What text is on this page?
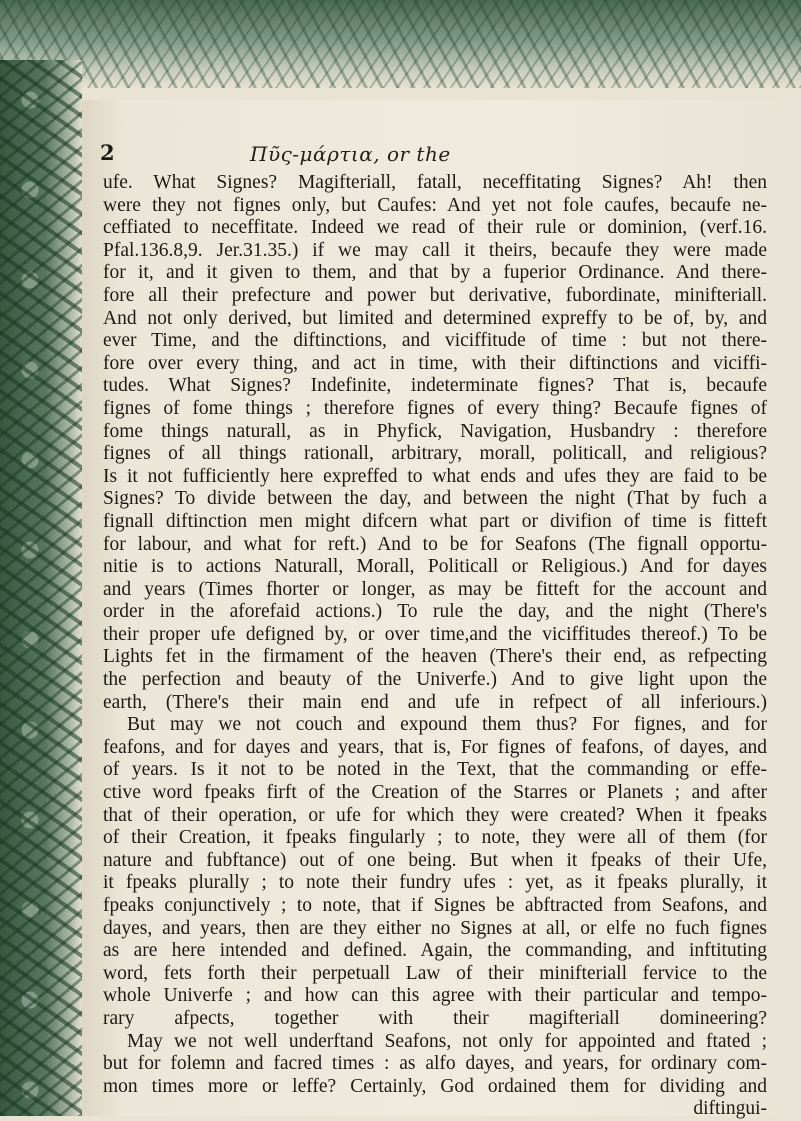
2	Πῦς-μάρτια, or the
ufe. What Signes? Magifteriall, fatall, neceffitating Signes? Ah! then
were they not fignes only, but Caufes: And yet not fole caufes, becaufe ne-
ceffiated to neceffitate. Indeed we read of their rule or dominion, (verf.16.
Pfal.136.8,9. Jer.31.35.) if we may call it theirs, becaufe they were made
for it, and it given to them, and that by a fuperior Ordinance. And there-
fore all their prefecture and power but derivative, fubordinate, minifteriall.
And not only derived, but limited and determined expreffy to be of, by, and
ever Time, and the diftinctions, and viciffitude of time : but not there-
fore over every thing, and act in time, with their diftinctions and viciffi-
tudes. What Signes? Indefinite, indeterminate fignes? That is, becaufe
fignes of fome things ; therefore fignes of every thing? Becaufe fignes of
fome things naturall, as in Phyfick, Navigation, Husbandry : therefore
fignes of all things rationall, arbitrary, morall, politicall, and religious?
Is it not fufficiently here expreffed to what ends and ufes they are faid to be
Signes? To divide between the day, and between the night (That by fuch a
fignall diftinction men might difcern what part or divifion of time is fitteft
for labour, and what for reft.) And to be for Seafons (The fignall opportu-
nitie is to actions Naturall, Morall, Politicall or Religious.) And for dayes
and years (Times fhorter or longer, as may be fitteft for the account and
order in the aforefaid actions.) To rule the day, and the night (There's
their proper ufe defigned by, or over time,and the viciffitudes thereof.) To be
Lights fet in the firmament of the heaven (There's their end, as refpecting
the perfection and beauty of the Univerfe.) And to give light upon the
earth, (There's their main end and ufe in refpect of all inferiours.)
But may we not couch and expound them thus? For fignes, and for
feafons, and for dayes and years, that is, For fignes of feafons, of dayes, and
of years. Is it not to be noted in the Text, that the commanding or effe-
ctive word fpeaks firft of the Creation of the Starres or Planets ; and after
that of their operation, or ufe for which they were created? When it fpeaks
of their Creation, it fpeaks fingularly ; to note, they were all of them (for
nature and fubftance) out of one being. But when it fpeaks of their Ufe,
it fpeaks plurally ; to note their fundry ufes : yet, as it fpeaks plurally, it
fpeaks conjunctively ; to note, that if Signes be abftracted from Seafons, and
dayes, and years, then are they either no Signes at all, or elfe no fuch fignes
as are here intended and defined. Again, the commanding, and inftituting
word, fets forth their perpetuall Law of their minifteriall fervice to the
whole Univerfe ; and how can this agree with their particular and tempo-
rary afpects, together with their magifteriall domineering?
May we not well underftand Seafons, not only for appointed and ftated ;
but for folemn and facred times : as alfo dayes, and years, for ordinary com-
mon times more or leffe? Certainly, God ordained them for dividing and
diftingui-
